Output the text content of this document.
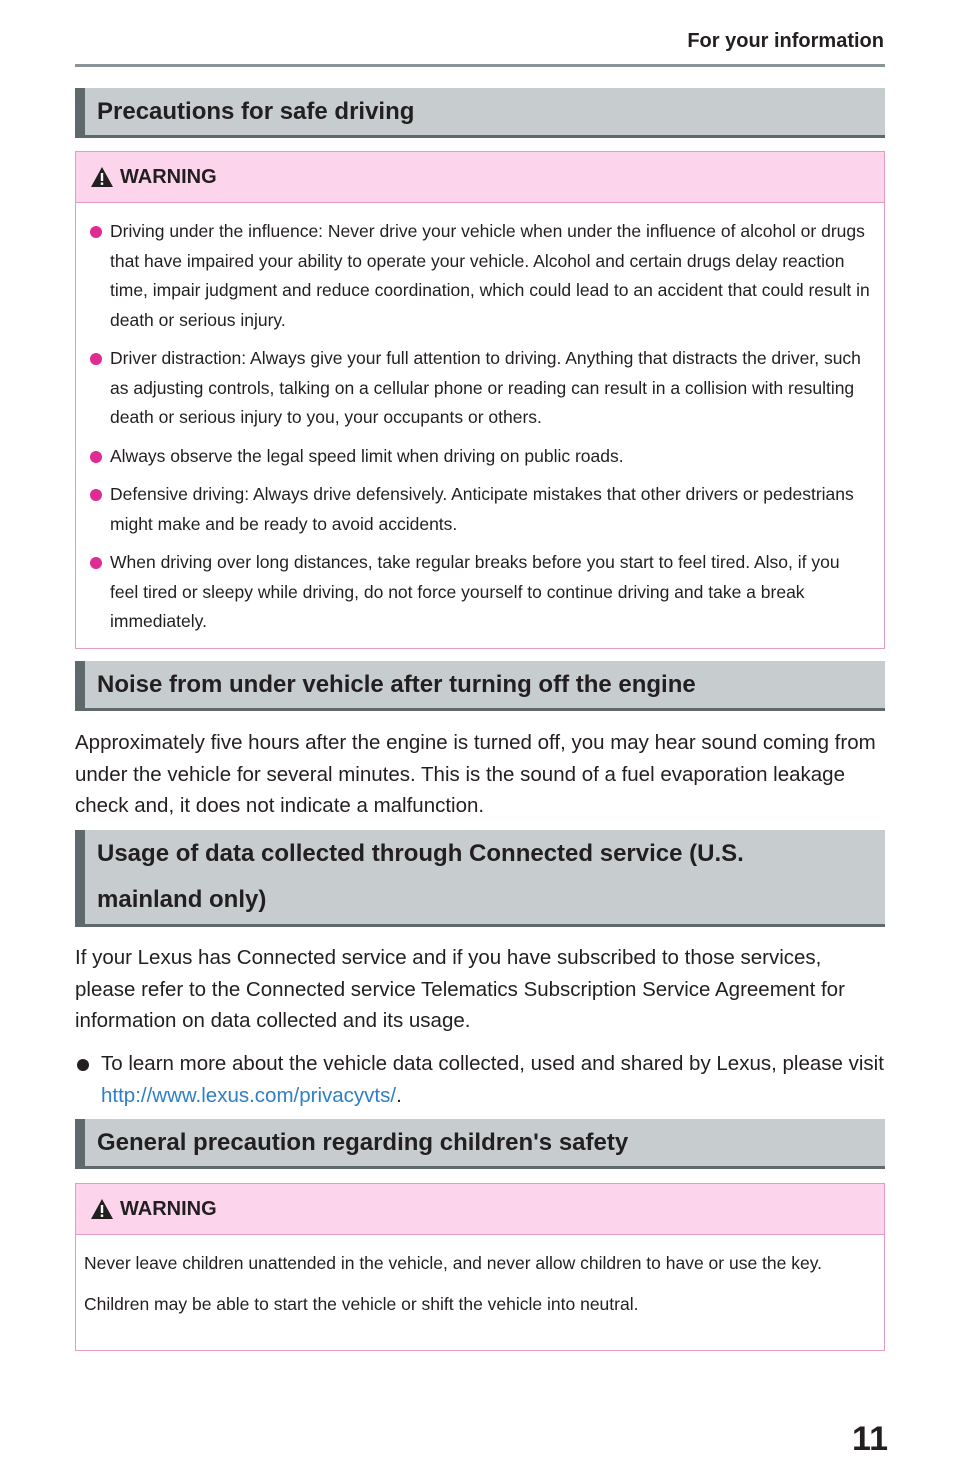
For your information
Precautions for safe driving
WARNING
Driving under the influence: Never drive your vehicle when under the influence of alcohol or drugs that have impaired your ability to operate your vehicle. Alcohol and certain drugs delay reaction time, impair judgment and reduce coordination, which could lead to an accident that could result in death or serious injury.
Driver distraction: Always give your full attention to driving. Anything that distracts the driver, such as adjusting controls, talking on a cellular phone or reading can result in a collision with resulting death or serious injury to you, your occupants or others.
Always observe the legal speed limit when driving on public roads.
Defensive driving: Always drive defensively. Anticipate mistakes that other drivers or pedestrians might make and be ready to avoid accidents.
When driving over long distances, take regular breaks before you start to feel tired. Also, if you feel tired or sleepy while driving, do not force yourself to continue driving and take a break immediately.
Noise from under vehicle after turning off the engine
Approximately five hours after the engine is turned off, you may hear sound coming from under the vehicle for several minutes. This is the sound of a fuel evaporation leakage check and, it does not indicate a malfunction.
Usage of data collected through Connected service (U.S. mainland only)
If your Lexus has Connected service and if you have subscribed to those services, please refer to the Connected service Telematics Subscription Service Agreement for information on data collected and its usage.
To learn more about the vehicle data collected, used and shared by Lexus, please visit http://www.lexus.com/privacyvts/.
General precaution regarding children's safety
WARNING
Never leave children unattended in the vehicle, and never allow children to have or use the key.
Children may be able to start the vehicle or shift the vehicle into neutral.
11
